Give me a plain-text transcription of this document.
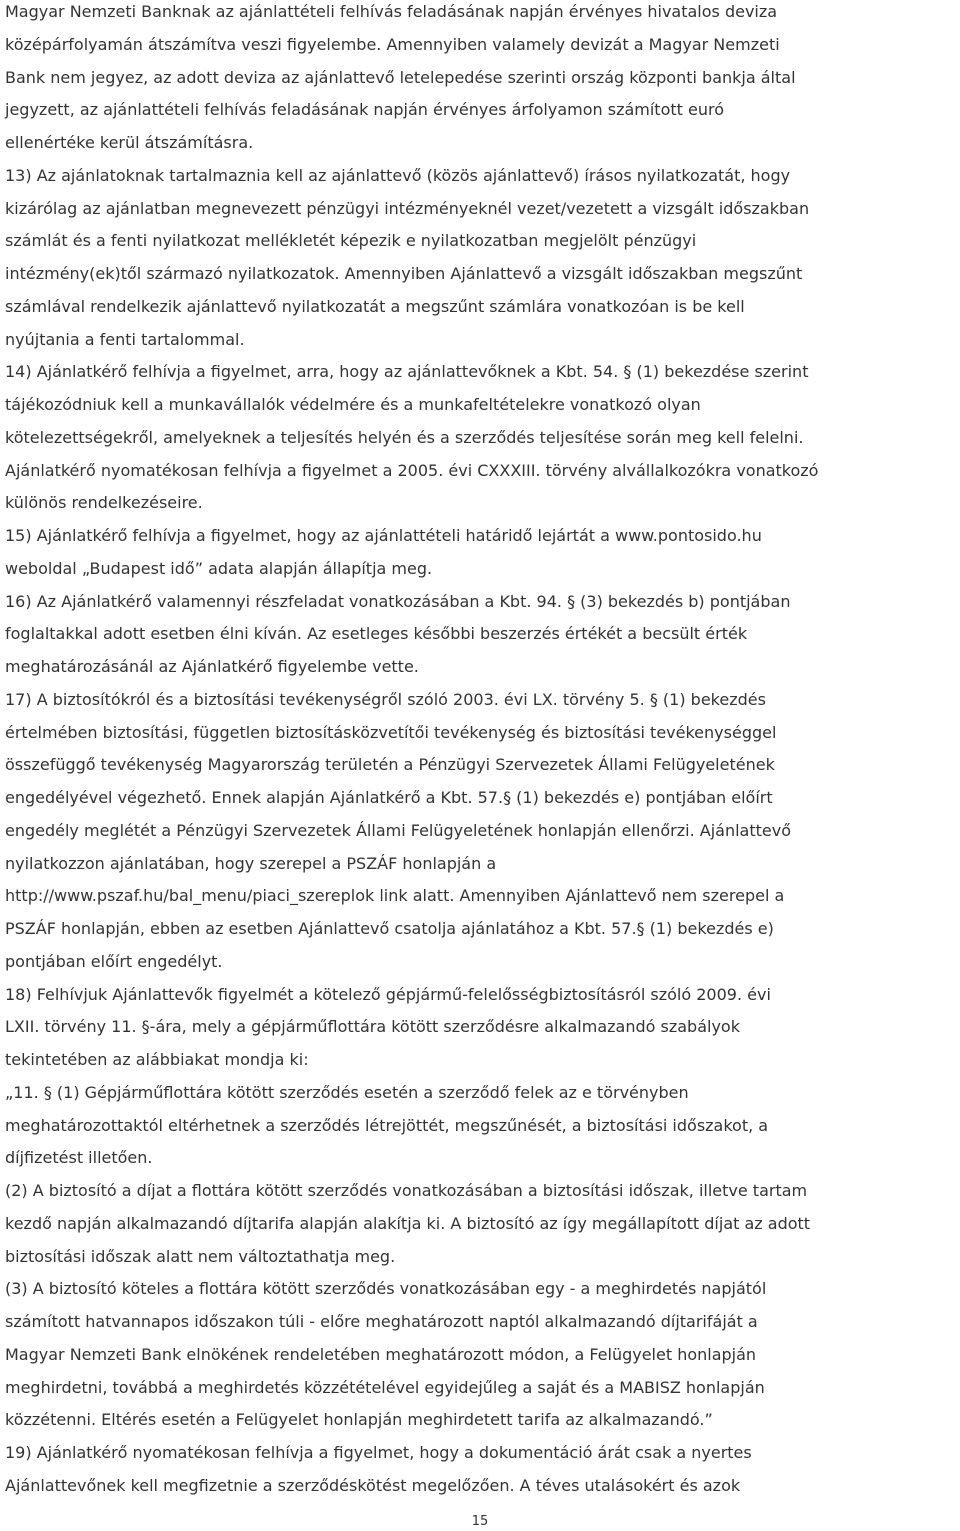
Magyar Nemzeti Banknak az ajánlattételi felhívás feladásának napján érvényes hivatalos deviza
középárfolyamán átszámítva veszi figyelembe. Amennyiben valamely devizát a Magyar Nemzeti
Bank nem jegyez, az adott deviza az ajánlattevő letelepedése szerinti ország központi bankja által
jegyzett, az ajánlattételi felhívás feladásának napján érvényes árfolyamon számított euró
ellenértéke kerül átszámításra.
13) Az ajánlatoknak tartalmaznia kell az ajánlattevő (közös ajánlattevő) írásos nyilatkozatát, hogy
kizárólag az ajánlatban megnevezett pénzügyi intézményeknél vezet/vezetett a vizsgált időszakban
számlát és a fenti nyilatkozat mellékletét képezik e nyilatkozatban megjelölt pénzügyi
intézmény(ek)től származó nyilatkozatok. Amennyiben Ajánlattevő a vizsgált időszakban megszűnt
számlával rendelkezik ajánlattevő nyilatkozatát a megszűnt számlára vonatkozóan is be kell
nyújtania a fenti tartalommal.
14) Ajánlatkérő felhívja a figyelmet, arra, hogy az ajánlattevőknek a Kbt. 54. § (1) bekezdése szerint
tájékozódniuk kell a munkavállalók védelmére és a munkafeltételekre vonatkozó olyan
kötelezettségekről, amelyeknek a teljesítés helyén és a szerződés teljesítése során meg kell felelni.
Ajánlatkérő nyomatékosan felhívja a figyelmet a 2005. évi CXXXIII. törvény alvállalkozókra vonatkozó
különös rendelkezéseire.
15) Ajánlatkérő felhívja a figyelmet, hogy az ajánlattételi határidő lejártát a www.pontosido.hu
weboldal „Budapest idő” adata alapján állapítja meg.
16) Az Ajánlatkérő valamennyi részfeladat vonatkozásában a Kbt. 94. § (3) bekezdés b) pontjában
foglaltakkal adott esetben élni kíván. Az esetleges későbbi beszerzés értékét a becsült érték
meghatározásánál az Ajánlatkérő figyelembe vette.
17) A biztosítókról és a biztosítási tevékenységről szóló 2003. évi LX. törvény 5. § (1) bekezdés
értelmében biztosítási, független biztosításközvetítői tevékenység és biztosítási tevékenységgel
összefüggő tevékenység Magyarország területén a Pénzügyi Szervezetek Állami Felügyeletének
engedélyével végezhető. Ennek alapján Ajánlatkérő a Kbt. 57.§ (1) bekezdés e) pontjában előírt
engedély meglétét a Pénzügyi Szervezetek Állami Felügyeletének honlapján ellenőrzi. Ajánlattevő
nyilatkozzon ajánlatában, hogy szerepel a PSZÁF honlapján a
http://www.pszaf.hu/bal_menu/piaci_szereplok link alatt. Amennyiben Ajánlattevő nem szerepel a
PSZÁF honlapján, ebben az esetben Ajánlattevő csatolja ajánlatához a Kbt. 57.§ (1) bekezdés e)
pontjában előírt engedélyt.
18) Felhívjuk Ajánlattevők figyelmét a kötelező gépjármű-felelősségbiztosításról szóló 2009. évi
LXII. törvény 11. §-ára, mely a gépjárműflottára kötött szerződésre alkalmazandó szabályok
tekintetében az alábbiakat mondja ki:
„11. § (1) Gépjárműflottára kötött szerződés esetén a szerződő felek az e törvényben
meghatározottaktól eltérhetnek a szerződés létrejöttét, megszűnését, a biztosítási időszakot, a
díjfizetést illetően.
(2) A biztosító a díjat a flottára kötött szerződés vonatkozásában a biztosítási időszak, illetve tartam
kezdő napján alkalmazandó díjtarifa alapján alakítja ki. A biztosító az így megállapított díjat az adott
biztosítási időszak alatt nem változtathatja meg.
(3) A biztosító köteles a flottára kötött szerződés vonatkozásában egy - a meghirdetés napjától
számított hatvannapos időszakon túli - előre meghatározott naptól alkalmazandó díjtarifáját a
Magyar Nemzeti Bank elnökének rendeletében meghatározott módon, a Felügyelet honlapján
meghirdetni, továbbá a meghirdetés közzétételével egyidejűleg a saját és a MABISZ honlapján
közzétenni. Eltérés esetén a Felügyelet honlapján meghirdetett tarifa az alkalmazandó.”
19) Ajánlatkérő nyomatékosan felhívja a figyelmet, hogy a dokumentáció árát csak a nyertes
Ajánlattevőnek kell megfizetnie a szerződéskötést megelőzően. A téves utalásokért és azok
15
